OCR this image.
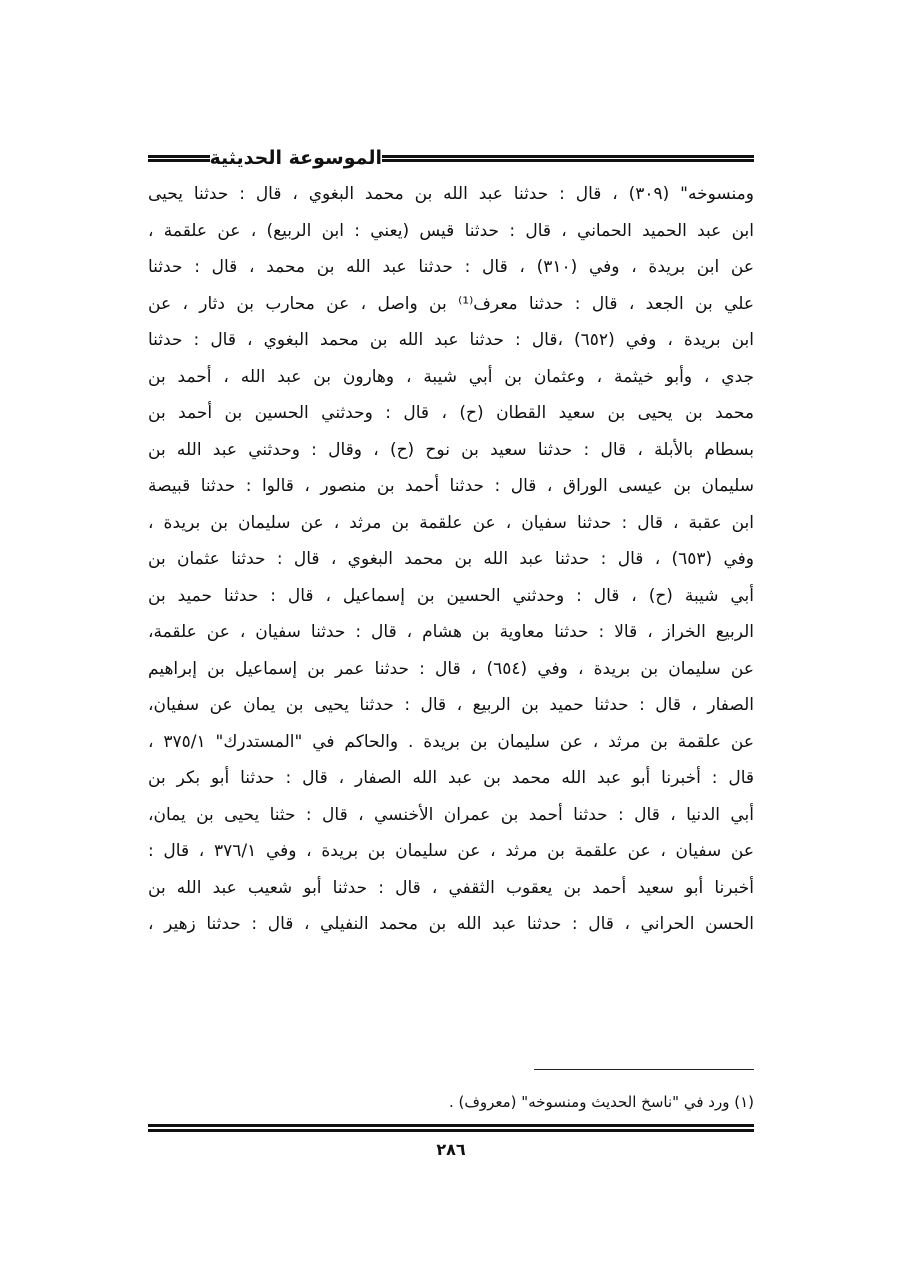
الموسوعة الحديثية
ومنسوخه" (٣٠٩) ، قال : حدثنا عبد الله بن محمد البغوي ، قال : حدثنا يحيى
ابن عبد الحميد الحماني ، قال : حدثنا قيس (يعني : ابن الربيع) ، عن علقمة ،
عن ابن بريدة ، وفي (٣١٠) ، قال : حدثنا عبد الله بن محمد ، قال : حدثنا
علي بن الجعد ، قال : حدثنا معرف⁽¹⁾ بن واصل ، عن محارب بن دثار ، عن
ابن بريدة ، وفي (٦٥٢) ،قال : حدثنا عبد الله بن محمد البغوي ، قال : حدثنا
جدي ، وأبو خيثمة ، وعثمان بن أبي شيبة ، وهارون بن عبد الله ، أحمد بن
محمد بن يحيى بن سعيد القطان (ح) ، قال : وحدثني الحسين بن أحمد بن
بسطام بالأبلة ، قال : حدثنا سعيد بن نوح (ح) ، وقال : وحدثني عبد الله بن
سليمان بن عيسى الوراق ، قال : حدثنا أحمد بن منصور ، قالوا : حدثنا قبيصة
ابن عقبة ، قال : حدثنا سفيان ، عن علقمة بن مرثد ، عن سليمان بن بريدة ،
وفي (٦٥٣) ، قال : حدثنا عبد الله بن محمد البغوي ، قال : حدثنا عثمان بن
أبي شيبة (ح) ، قال : وحدثني الحسين بن إسماعيل ، قال : حدثنا حميد بن
الربيع الخراز ، قالا : حدثنا معاوية بن هشام ، قال : حدثنا سفيان ، عن علقمة،
عن سليمان بن بريدة ، وفي (٦٥٤) ، قال : حدثنا عمر بن إسماعيل بن إبراهيم
الصفار ، قال : حدثنا حميد بن الربيع ، قال : حدثنا يحيى بن يمان عن سفيان،
عن علقمة بن مرثد ، عن سليمان بن بريدة . والحاكم في "المستدرك" ٣٧٥/١ ،
قال : أخبرنا أبو عبد الله محمد بن عبد الله الصفار ، قال : حدثنا أبو بكر بن
أبي الدنيا ، قال : حدثنا أحمد بن عمران الأخنسي ، قال : حثنا يحيى بن يمان،
عن سفيان ، عن علقمة بن مرثد ، عن سليمان بن بريدة ، وفي ٣٧٦/١ ، قال :
أخبرنا أبو سعيد أحمد بن يعقوب الثقفي ، قال : حدثنا أبو شعيب عبد الله بن
الحسن الحراني ، قال : حدثنا عبد الله بن محمد النفيلي ، قال : حدثنا زهير ،
(١) ورد في "ناسخ الحديث ومنسوخه" (معروف) .
٢٨٦
